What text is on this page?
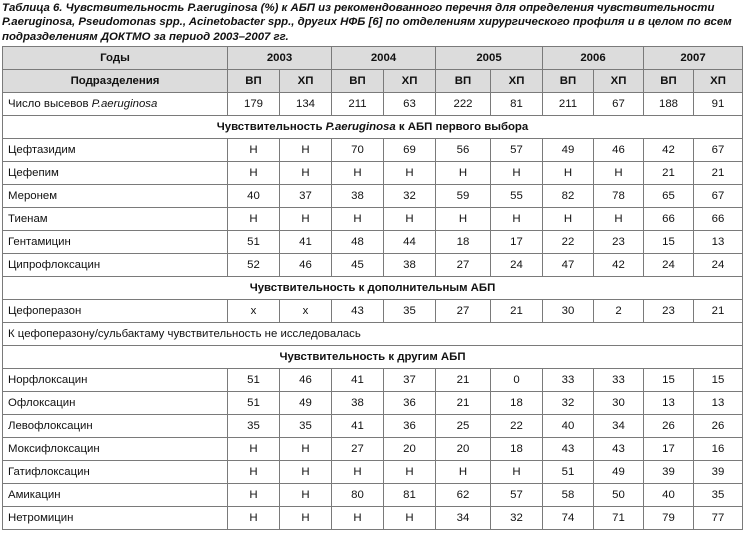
Таблица 6. Чувствительность P.aeruginosa (%) к АБП из рекомендованного перечня для определения чувствительности P.aeruginosa, Pseudomonas spp., Acinetobacter spp., других НФБ [6] по отделениям хирургического профиля и в целом по всем подразделениям ДОКТМО за период 2003–2007 гг.
Годы	2003		2004		2005		2006		2007	
Подразделения	ВП	ХП	ВП	ХП	ВП	ХП	ВП	ХП	ВП	ХП
Число высевов P.aeruginosa	179	134	211	63	222	81	211	67	188	91
Чувствительность P.aeruginosa к АБП первого выбора										
Цефтазидим	Н	Н	70	69	56	57	49	46	42	67
Цефепим	Н	Н	Н	Н	Н	Н	Н	Н	21	21
Меронем	40	37	38	32	59	55	82	78	65	67
Тиенам	Н	Н	Н	Н	Н	Н	Н	Н	66	66
Гентамицин	51	41	48	44	18	17	22	23	15	13
Ципрофлоксацин	52	46	45	38	27	24	47	42	24	24
Чувствительность к дополнительным АБП										
Цефоперазон	х	х	43	35	27	21	30	2	23	21
К цефоперазону/сульбактаму чувствительность не исследовалась										
Чувствительность к другим АБП										
Норфлоксацин	51	46	41	37	21	0	33	33	15	15
Офлоксацин	51	49	38	36	21	18	32	30	13	13
Левофлоксацин	35	35	41	36	25	22	40	34	26	26
Моксифлоксацин	Н	Н	27	20	20	18	43	43	17	16
Гатифлоксацин	Н	Н	Н	Н	Н	Н	51	49	39	39
Амикацин	Н	Н	80	81	62	57	58	50	40	35
Нетромицин	Н	Н	Н	Н	34	32	74	71	79	77
